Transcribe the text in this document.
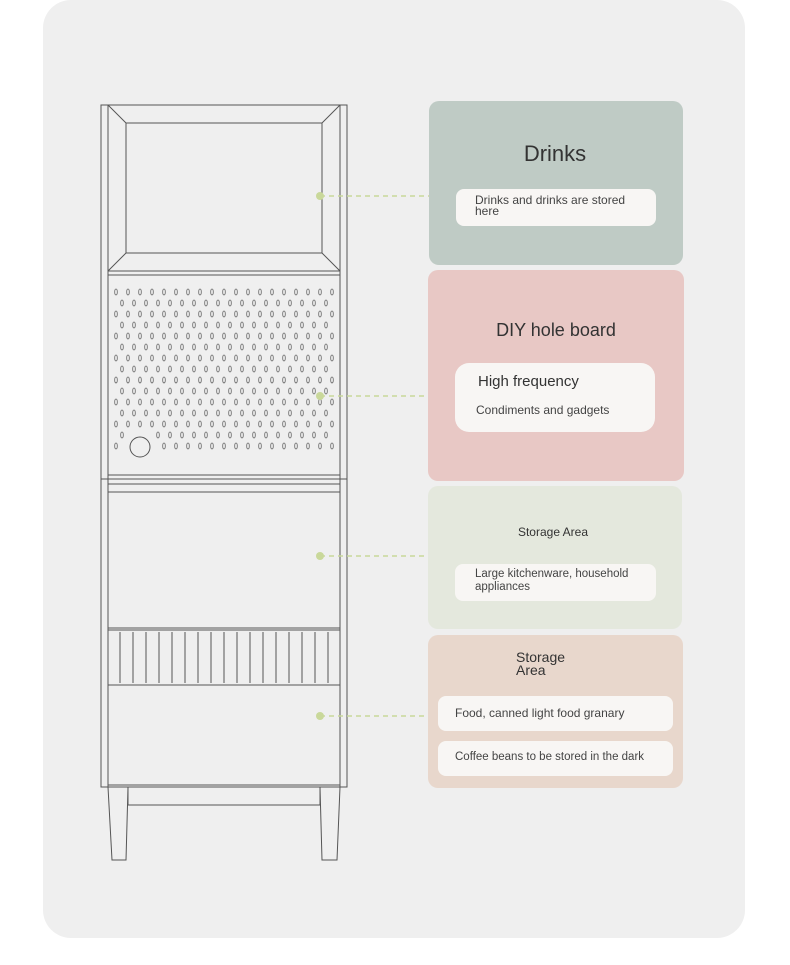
Drinks
Drinks and drinks are stored here
DIY hole board
High frequency
Condiments and gadgets
Storage Area
Large kitchenware, household appliances
Storage Area
Food, canned light food granary
Coffee beans to be stored in the dark
